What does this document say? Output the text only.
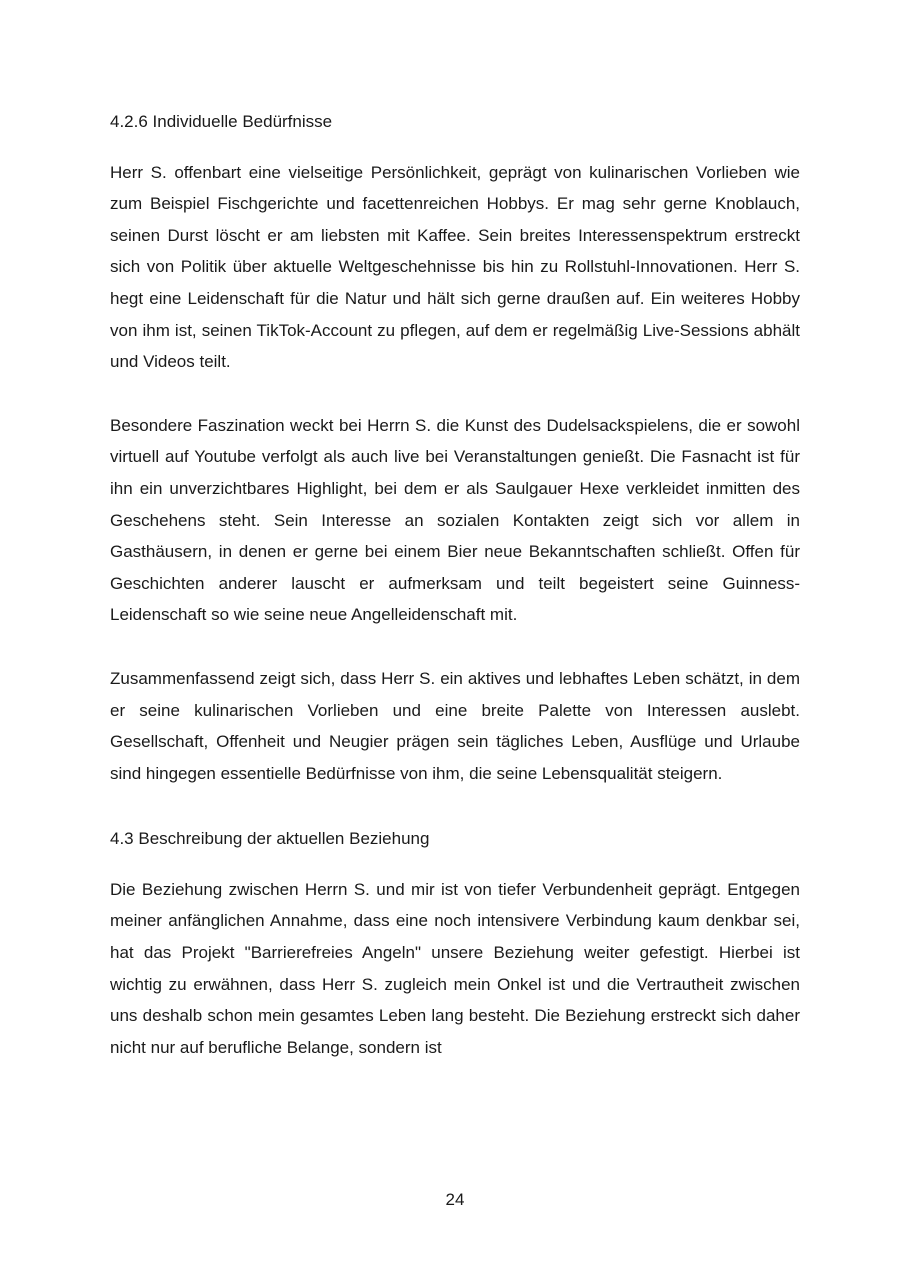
4.2.6 Individuelle Bedürfnisse

Herr S. offenbart eine vielseitige Persönlichkeit, geprägt von kulinarischen Vorlieben wie zum Beispiel Fischgerichte und facettenreichen Hobbys. Er mag sehr gerne Knoblauch, seinen Durst löscht er am liebsten mit Kaffee. Sein breites Interessenspektrum erstreckt sich von Politik über aktuelle Weltgeschehnisse bis hin zu Rollstuhl-Innovationen. Herr S. hegt eine Leidenschaft für die Natur und hält sich gerne draußen auf. Ein weiteres Hobby von ihm ist, seinen TikTok-Account zu pflegen, auf dem er regelmäßig Live-Sessions abhält und Videos teilt.

Besondere Faszination weckt bei Herrn S. die Kunst des Dudelsackspielens, die er sowohl virtuell auf Youtube verfolgt als auch live bei Veranstaltungen genießt. Die Fasnacht ist für ihn ein unverzichtbares Highlight, bei dem er als Saulgauer Hexe verkleidet inmitten des Geschehens steht. Sein Interesse an sozialen Kontakten zeigt sich vor allem in Gasthäusern, in denen er gerne bei einem Bier neue Bekanntschaften schließt. Offen für Geschichten anderer lauscht er aufmerksam und teilt begeistert seine Guinness-Leidenschaft so wie seine neue Angelleidenschaft mit.

Zusammenfassend zeigt sich, dass Herr S. ein aktives und lebhaftes Leben schätzt, in dem er seine kulinarischen Vorlieben und eine breite Palette von Interessen auslebt. Gesellschaft, Offenheit und Neugier prägen sein tägliches Leben, Ausflüge und Urlaube sind hingegen essentielle Bedürfnisse von ihm, die seine Lebensqualität steigern.

4.3 Beschreibung der aktuellen Beziehung

Die Beziehung zwischen Herrn S. und mir ist von tiefer Verbundenheit geprägt. Entgegen meiner anfänglichen Annahme, dass eine noch intensivere Verbindung kaum denkbar sei, hat das Projekt "Barrierefreies Angeln" unsere Beziehung weiter gefestigt. Hierbei ist wichtig zu erwähnen, dass Herr S. zugleich mein Onkel ist und die Vertrautheit zwischen uns deshalb schon mein gesamtes Leben lang besteht. Die Beziehung erstreckt sich daher nicht nur auf berufliche Belange, sondern ist

24
